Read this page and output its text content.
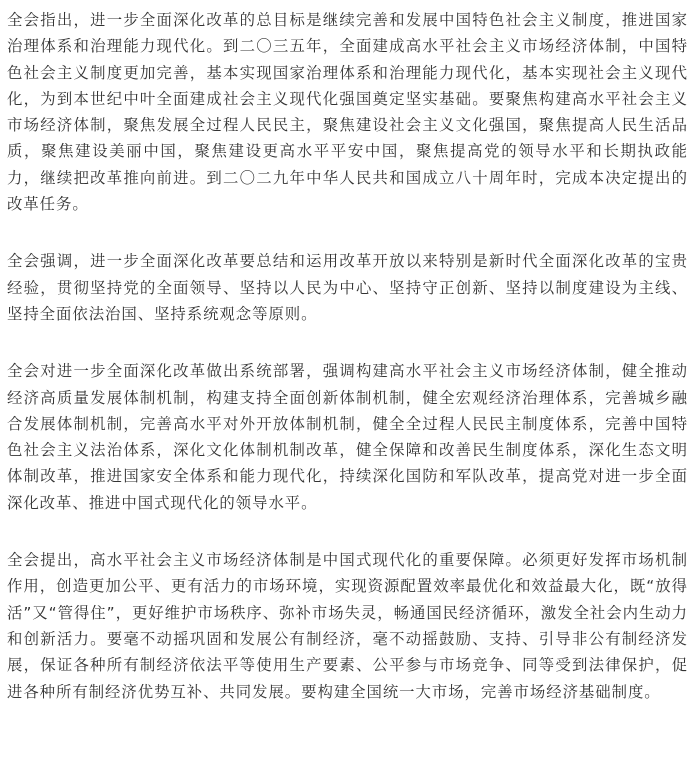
全会指出，进一步全面深化改革的总目标是继续完善和发展中国特色社会主义制度，推进国家治理体系和治理能力现代化。到二〇三五年，全面建成高水平社会主义市场经济体制，中国特色社会主义制度更加完善，基本实现国家治理体系和治理能力现代化，基本实现社会主义现代化，为到本世纪中叶全面建成社会主义现代化强国奠定坚实基础。要聚焦构建高水平社会主义市场经济体制，聚焦发展全过程人民民主，聚焦建设社会主义文化强国，聚焦提高人民生活品质，聚焦建设美丽中国，聚焦建设更高水平平安中国，聚焦提高党的领导水平和长期执政能力，继续把改革推向前进。到二〇二九年中华人民共和国成立八十周年时，完成本决定提出的改革任务。

全会强调，进一步全面深化改革要总结和运用改革开放以来特别是新时代全面深化改革的宝贵经验，贯彻坚持党的全面领导、坚持以人民为中心、坚持守正创新、坚持以制度建设为主线、坚持全面依法治国、坚持系统观念等原则。

全会对进一步全面深化改革做出系统部署，强调构建高水平社会主义市场经济体制，健全推动经济高质量发展体制机制，构建支持全面创新体制机制，健全宏观经济治理体系，完善城乡融合发展体制机制，完善高水平对外开放体制机制，健全全过程人民民主制度体系，完善中国特色社会主义法治体系，深化文化体制机制改革，健全保障和改善民生制度体系，深化生态文明体制改革，推进国家安全体系和能力现代化，持续深化国防和军队改革，提高党对进一步全面深化改革、推进中国式现代化的领导水平。

全会提出，高水平社会主义市场经济体制是中国式现代化的重要保障。必须更好发挥市场机制作用，创造更加公平、更有活力的市场环境，实现资源配置效率最优化和效益最大化，既“放得活”又“管得住”，更好维护市场秩序、弥补市场失灵，畅通国民经济循环，激发全社会内生动力和创新活力。要毫不动摇巩固和发展公有制经济，毫不动摇鼓励、支持、引导非公有制经济发展，保证各种所有制经济依法平等使用生产要素、公平参与市场竞争、同等受到法律保护，促进各种所有制经济优势互补、共同发展。要构建全国统一大市场，完善市场经济基础制度。
